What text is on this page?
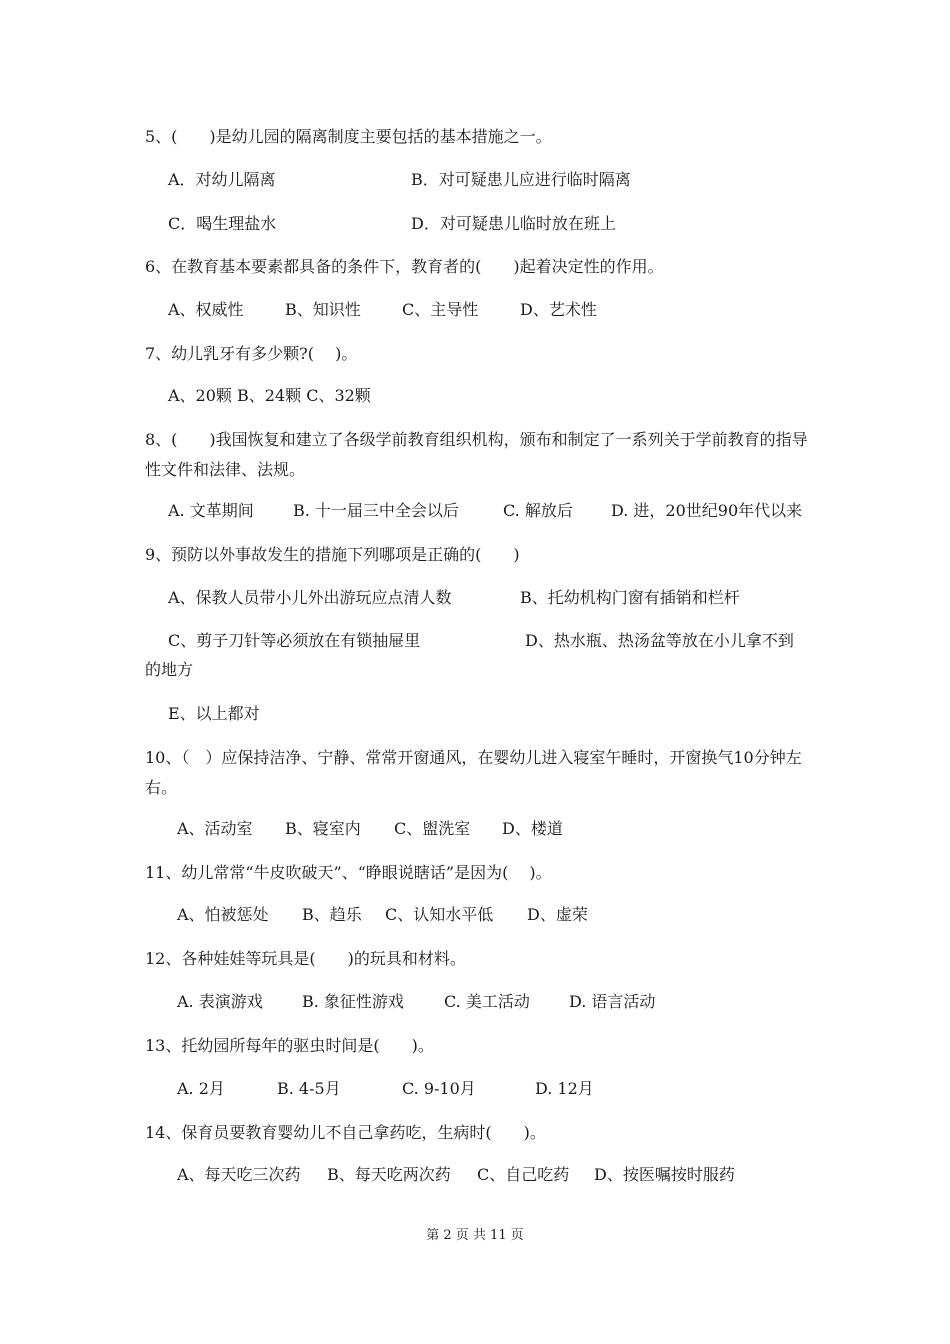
5、(　　)是幼儿园的隔离制度主要包括的基本措施之一。
A．对幼儿隔离	B．对可疑患儿应进行临时隔离
C．喝生理盐水	D．对可疑患儿临时放在班上
6、在教育基本要素都具备的条件下，教育者的(　　)起着决定性的作用。
A、权威性	B、知识性	C、主导性	D、艺术性
7、幼儿乳牙有多少颗?(　 )。
A、20颗 B、24颗 C、32颗
8、(　　)我国恢复和建立了各级学前教育组织机构，颁布和制定了一系列关于学前教育的指导性文件和法律、法规。
A. 文革期间 B. 十一届三中全会以后	C. 解放后 D. 进，20世纪90年代以来
9、预防以外事故发生的措施下列哪项是正确的(　　)
A、保教人员带小儿外出游玩应点清人数	B、托幼机构门窗有插销和栏杆
C、剪子刀针等必须放在有锁抽屉里	D、热水瓶、热汤盆等放在小儿拿不到
的地方
E、以上都对
10、（　）应保持洁净、宁静、常常开窗通风，在婴幼儿进入寝室午睡时，开窗换气10分钟左右。
A、活动室 B、寝室内 C、盥洗室 D、楼道
11、幼儿常常“牛皮吹破天”、“睁眼说瞎话”是因为(　 )。
A、怕被惩处 B、趋乐 C、认知水平低 D、虚荣
12、各种娃娃等玩具是(　　)的玩具和材料。
A. 表演游戏 B. 象征性游戏	C. 美工活动 D. 语言活动
13、托幼园所每年的驱虫时间是(　　)。
A. 2月	B. 4-5月	C. 9-10月	D. 12月
14、保育员要教育婴幼儿不自己拿药吃，生病时(　　)。
A、每天吃三次药 B、每天吃两次药 C、自己吃药 D、按医嘱按时服药
第 2 页 共 11 页
